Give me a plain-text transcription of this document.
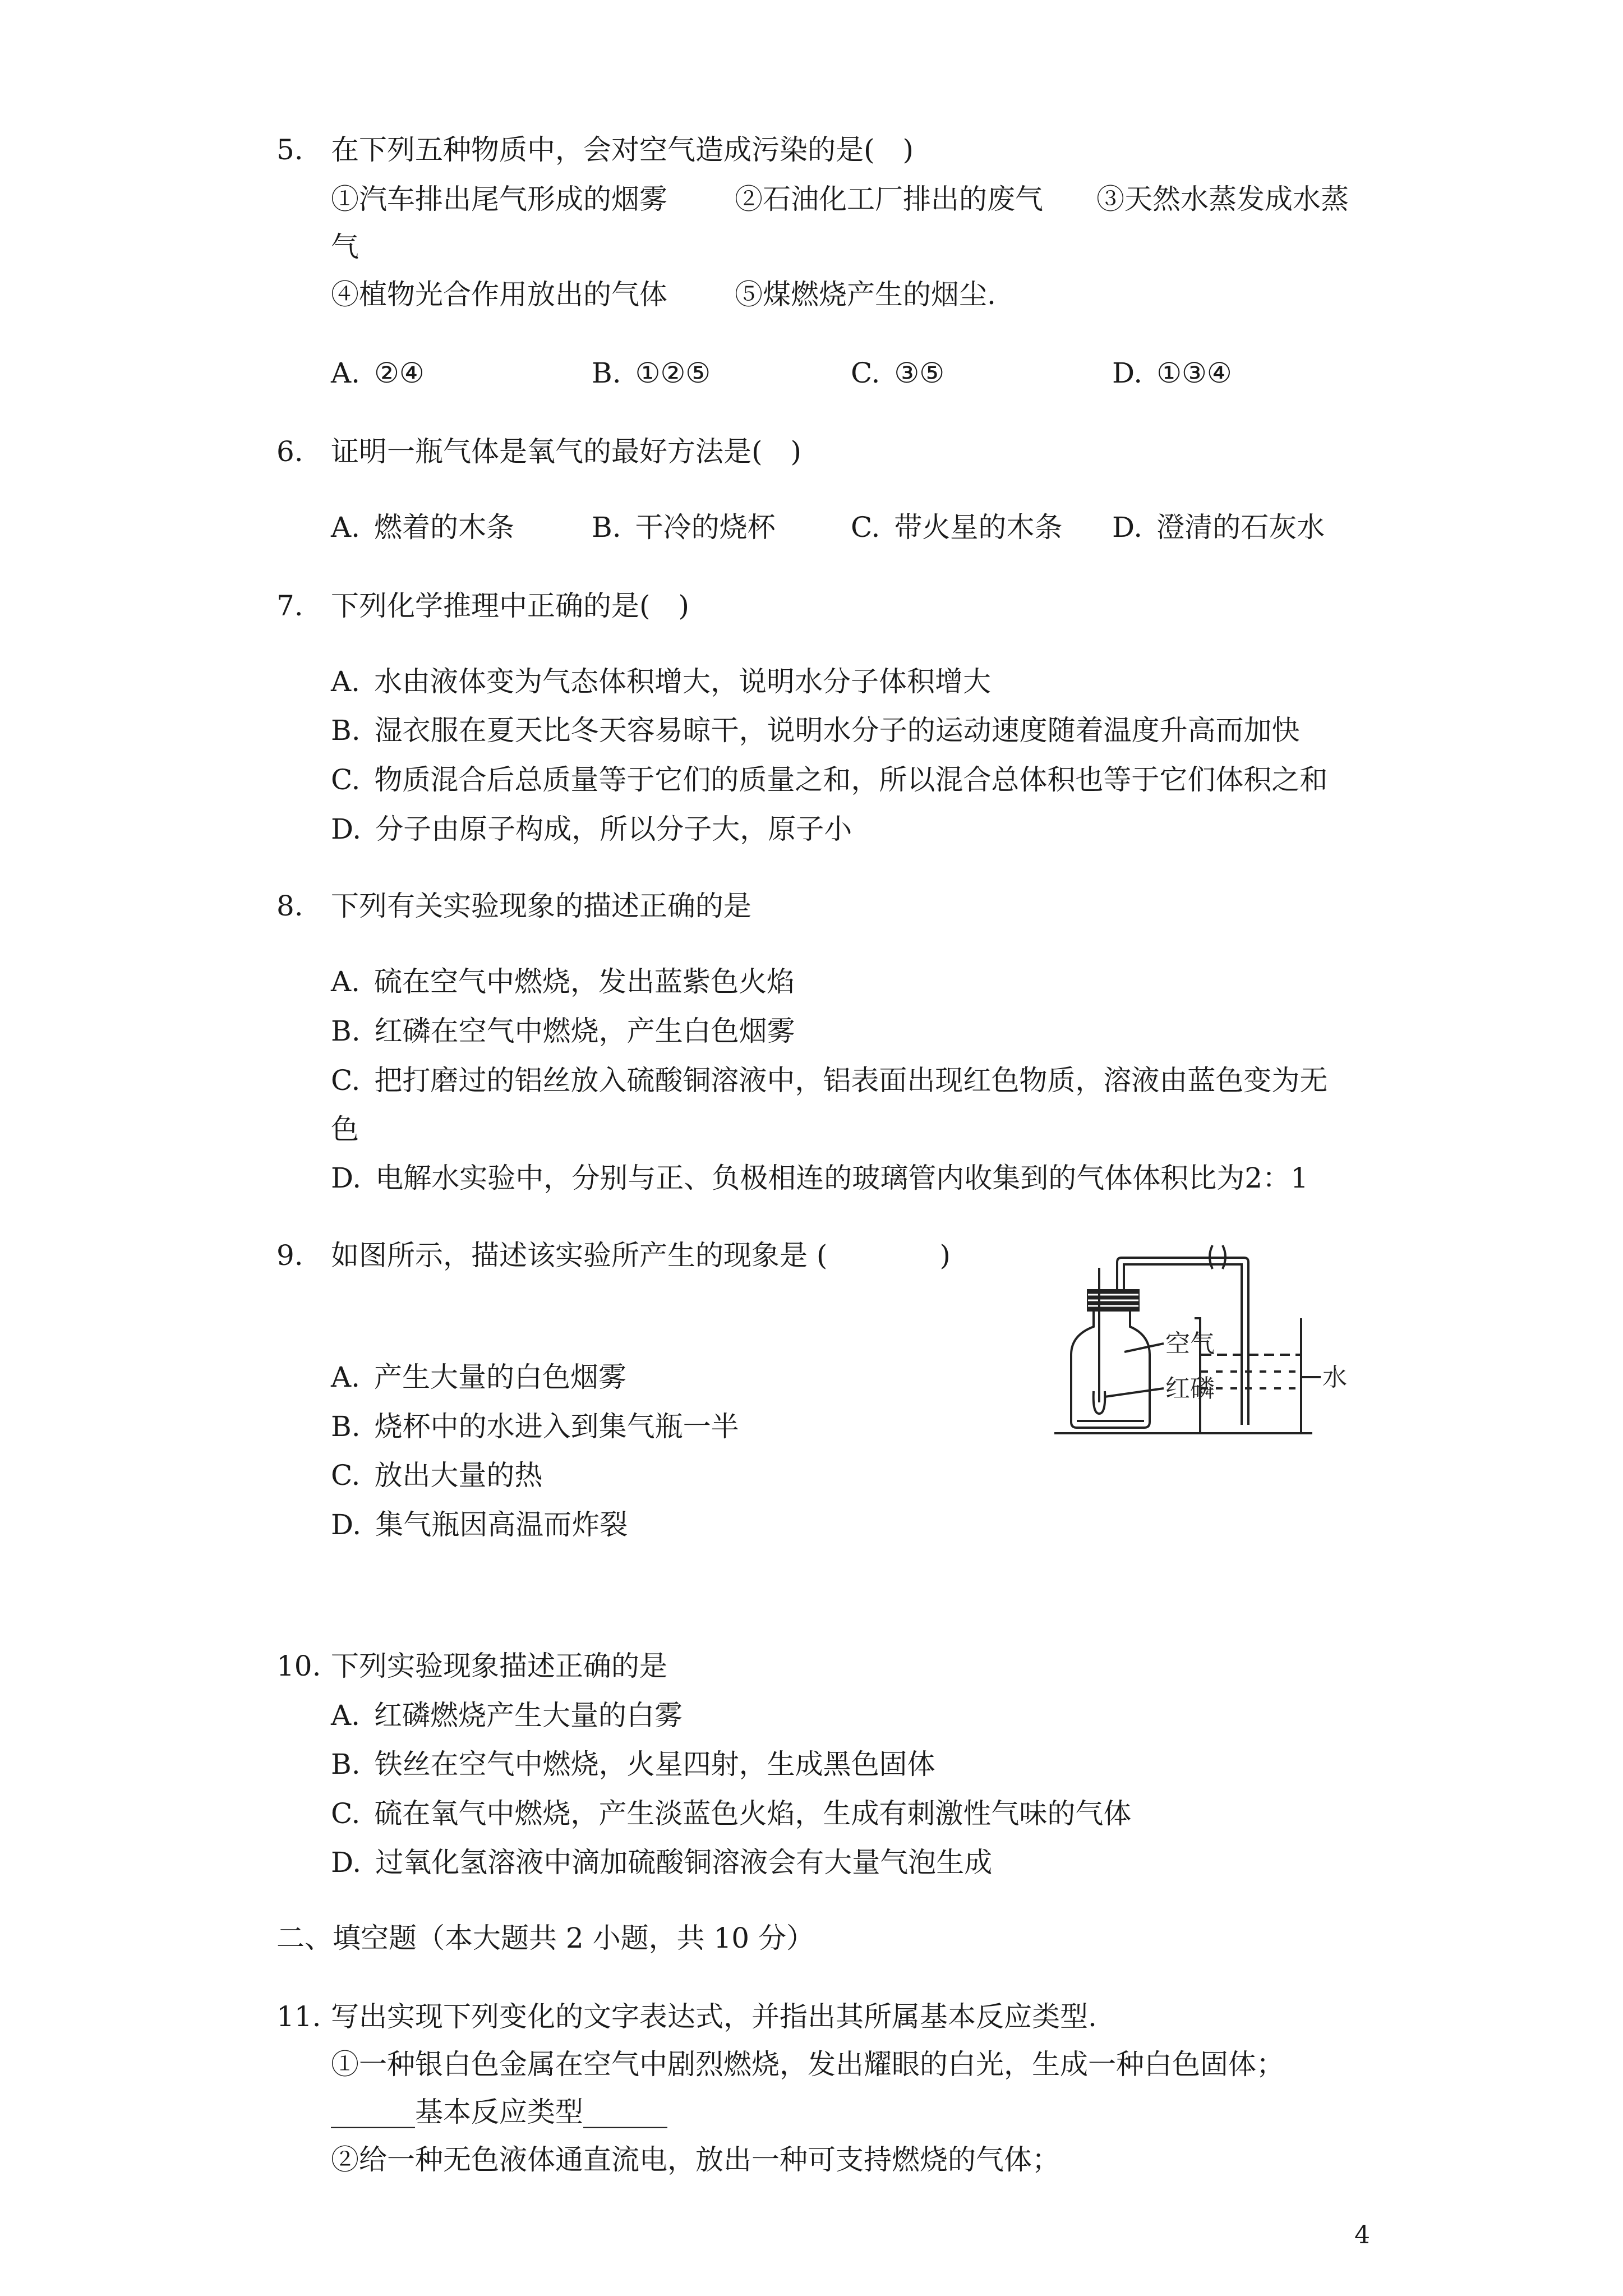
5. 在下列五种物质中，会对空气造成污染的是( )
①汽车排出尾气形成的烟雾 ②石油化工厂排出的废气 ③天然水蒸发成水蒸
气
④植物光合作用放出的气体 ⑤煤燃烧产生的烟尘.
A. ②④	B. ①②⑤	C. ③⑤	D. ①③④
6. 证明一瓶气体是氧气的最好方法是( )
A. 燃着的木条	B. 干冷的烧杯	C. 带火星的木条 D. 澄清的石灰水
7. 下列化学推理中正确的是( )
A. 水由液体变为气态体积增大，说明水分子体积增大
B. 湿衣服在夏天比冬天容易晾干，说明水分子的运动速度随着温度升高而加快
C. 物质混合后总质量等于它们的质量之和，所以混合总体积也等于它们体积之和
D. 分子由原子构成，所以分子大，原子小
8. 下列有关实验现象的描述正确的是
A. 硫在空气中燃烧，发出蓝紫色火焰
B. 红磷在空气中燃烧，产生白色烟雾
C. 把打磨过的铝丝放入硫酸铜溶液中，铝表面出现红色物质，溶液由蓝色变为无
色
D. 电解水实验中，分别与正、负极相连的玻璃管内收集到的气体体积比为2：1
9. 如图所示，描述该实验所产生的现象是 (    )
A. 产生大量的白色烟雾
B. 烧杯中的水进入到集气瓶一半
C. 放出大量的热
D. 集气瓶因高温而炸裂
空气
红磷	水
10. 下列实验现象描述正确的是
A. 红磷燃烧产生大量的白雾
B. 铁丝在空气中燃烧，火星四射，生成黑色固体
C. 硫在氧气中燃烧，产生淡蓝色火焰，生成有刺激性气味的气体
D. 过氧化氢溶液中滴加硫酸铜溶液会有大量气泡生成
二、填空题（本大题共 2 小题，共 10 分）
11. 写出实现下列变化的文字表达式，并指出其所属基本反应类型.
①一种银白色金属在空气中剧烈燃烧，发出耀眼的白光，生成一种白色固体；
______基本反应类型______
②给一种无色液体通直流电，放出一种可支持燃烧的气体；
4
